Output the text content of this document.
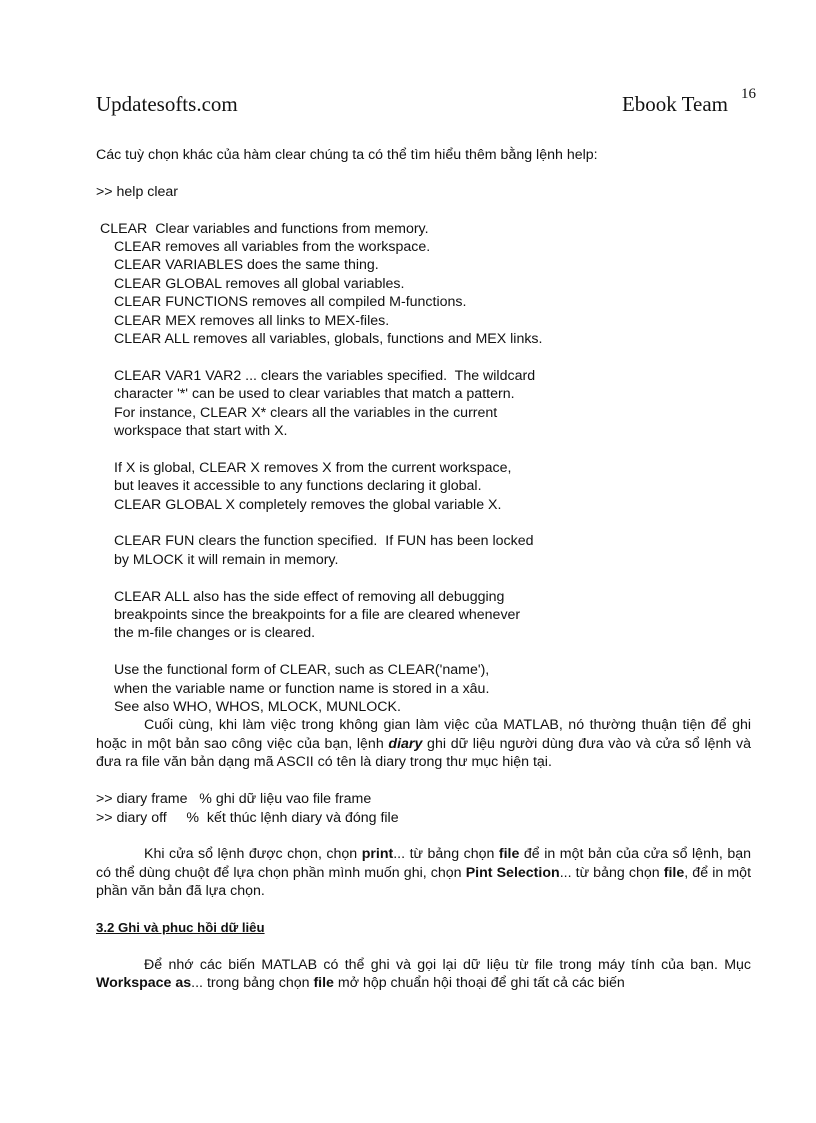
Updatesofts.com	Ebook Team 16

Các tuỳ chọn khác của hàm clear chúng ta có thể tìm hiểu thêm bằng lệnh help:

>> help clear

CLEAR  Clear variables and functions from memory.

CLEAR removes all variables from the workspace.

CLEAR VARIABLES does the same thing.

CLEAR GLOBAL removes all global variables.

CLEAR FUNCTIONS removes all compiled M-functions.

CLEAR MEX removes all links to MEX-files.

CLEAR ALL removes all variables, globals, functions and MEX links.

CLEAR VAR1 VAR2 ... clears the variables specified.  The wildcard

character '*' can be used to clear variables that match a pattern.

For instance, CLEAR X* clears all the variables in the current

workspace that start with X.

If X is global, CLEAR X removes X from the current workspace,

but leaves it accessible to any functions declaring it global.

CLEAR GLOBAL X completely removes the global variable X.

CLEAR FUN clears the function specified.  If FUN has been locked

by MLOCK it will remain in memory.

CLEAR ALL also has the side effect of removing all debugging

breakpoints since the breakpoints for a file are cleared whenever

the m-file changes or is cleared.

Use the functional form of CLEAR, such as CLEAR('name'),

when the variable name or function name is stored in a xâu.

See also WHO, WHOS, MLOCK, MUNLOCK.

Cuối cùng, khi làm việc trong không gian làm việc của MATLAB, nó thường thuận tiện để ghi hoặc in một bản sao công việc của bạn, lệnh diary ghi dữ liệu người dùng đưa vào và cửa sổ lệnh và đưa ra file văn bản dạng mã ASCII có tên là diary trong thư mục hiện tại.

>> diary frame   % ghi dữ liệu vao file frame

>> diary off     %  kết thúc lệnh diary và đóng file

Khi cửa sổ lệnh được chọn, chọn print... từ bảng chọn file để in một bản của cửa sổ lệnh, bạn có thể dùng chuột để lựa chọn phần mình muốn ghi, chọn Pint Selection... từ bảng chọn file, để in một phần văn bản đã lựa chọn.

3.2 Ghi và phuc hồi dữ liêu

Để nhớ các biến MATLAB có thể ghi và gọi lại dữ liệu từ file trong máy tính của bạn. Mục Workspace as... trong bảng chọn file mở hộp chuẩn hội thoại để ghi tất cả các biến
